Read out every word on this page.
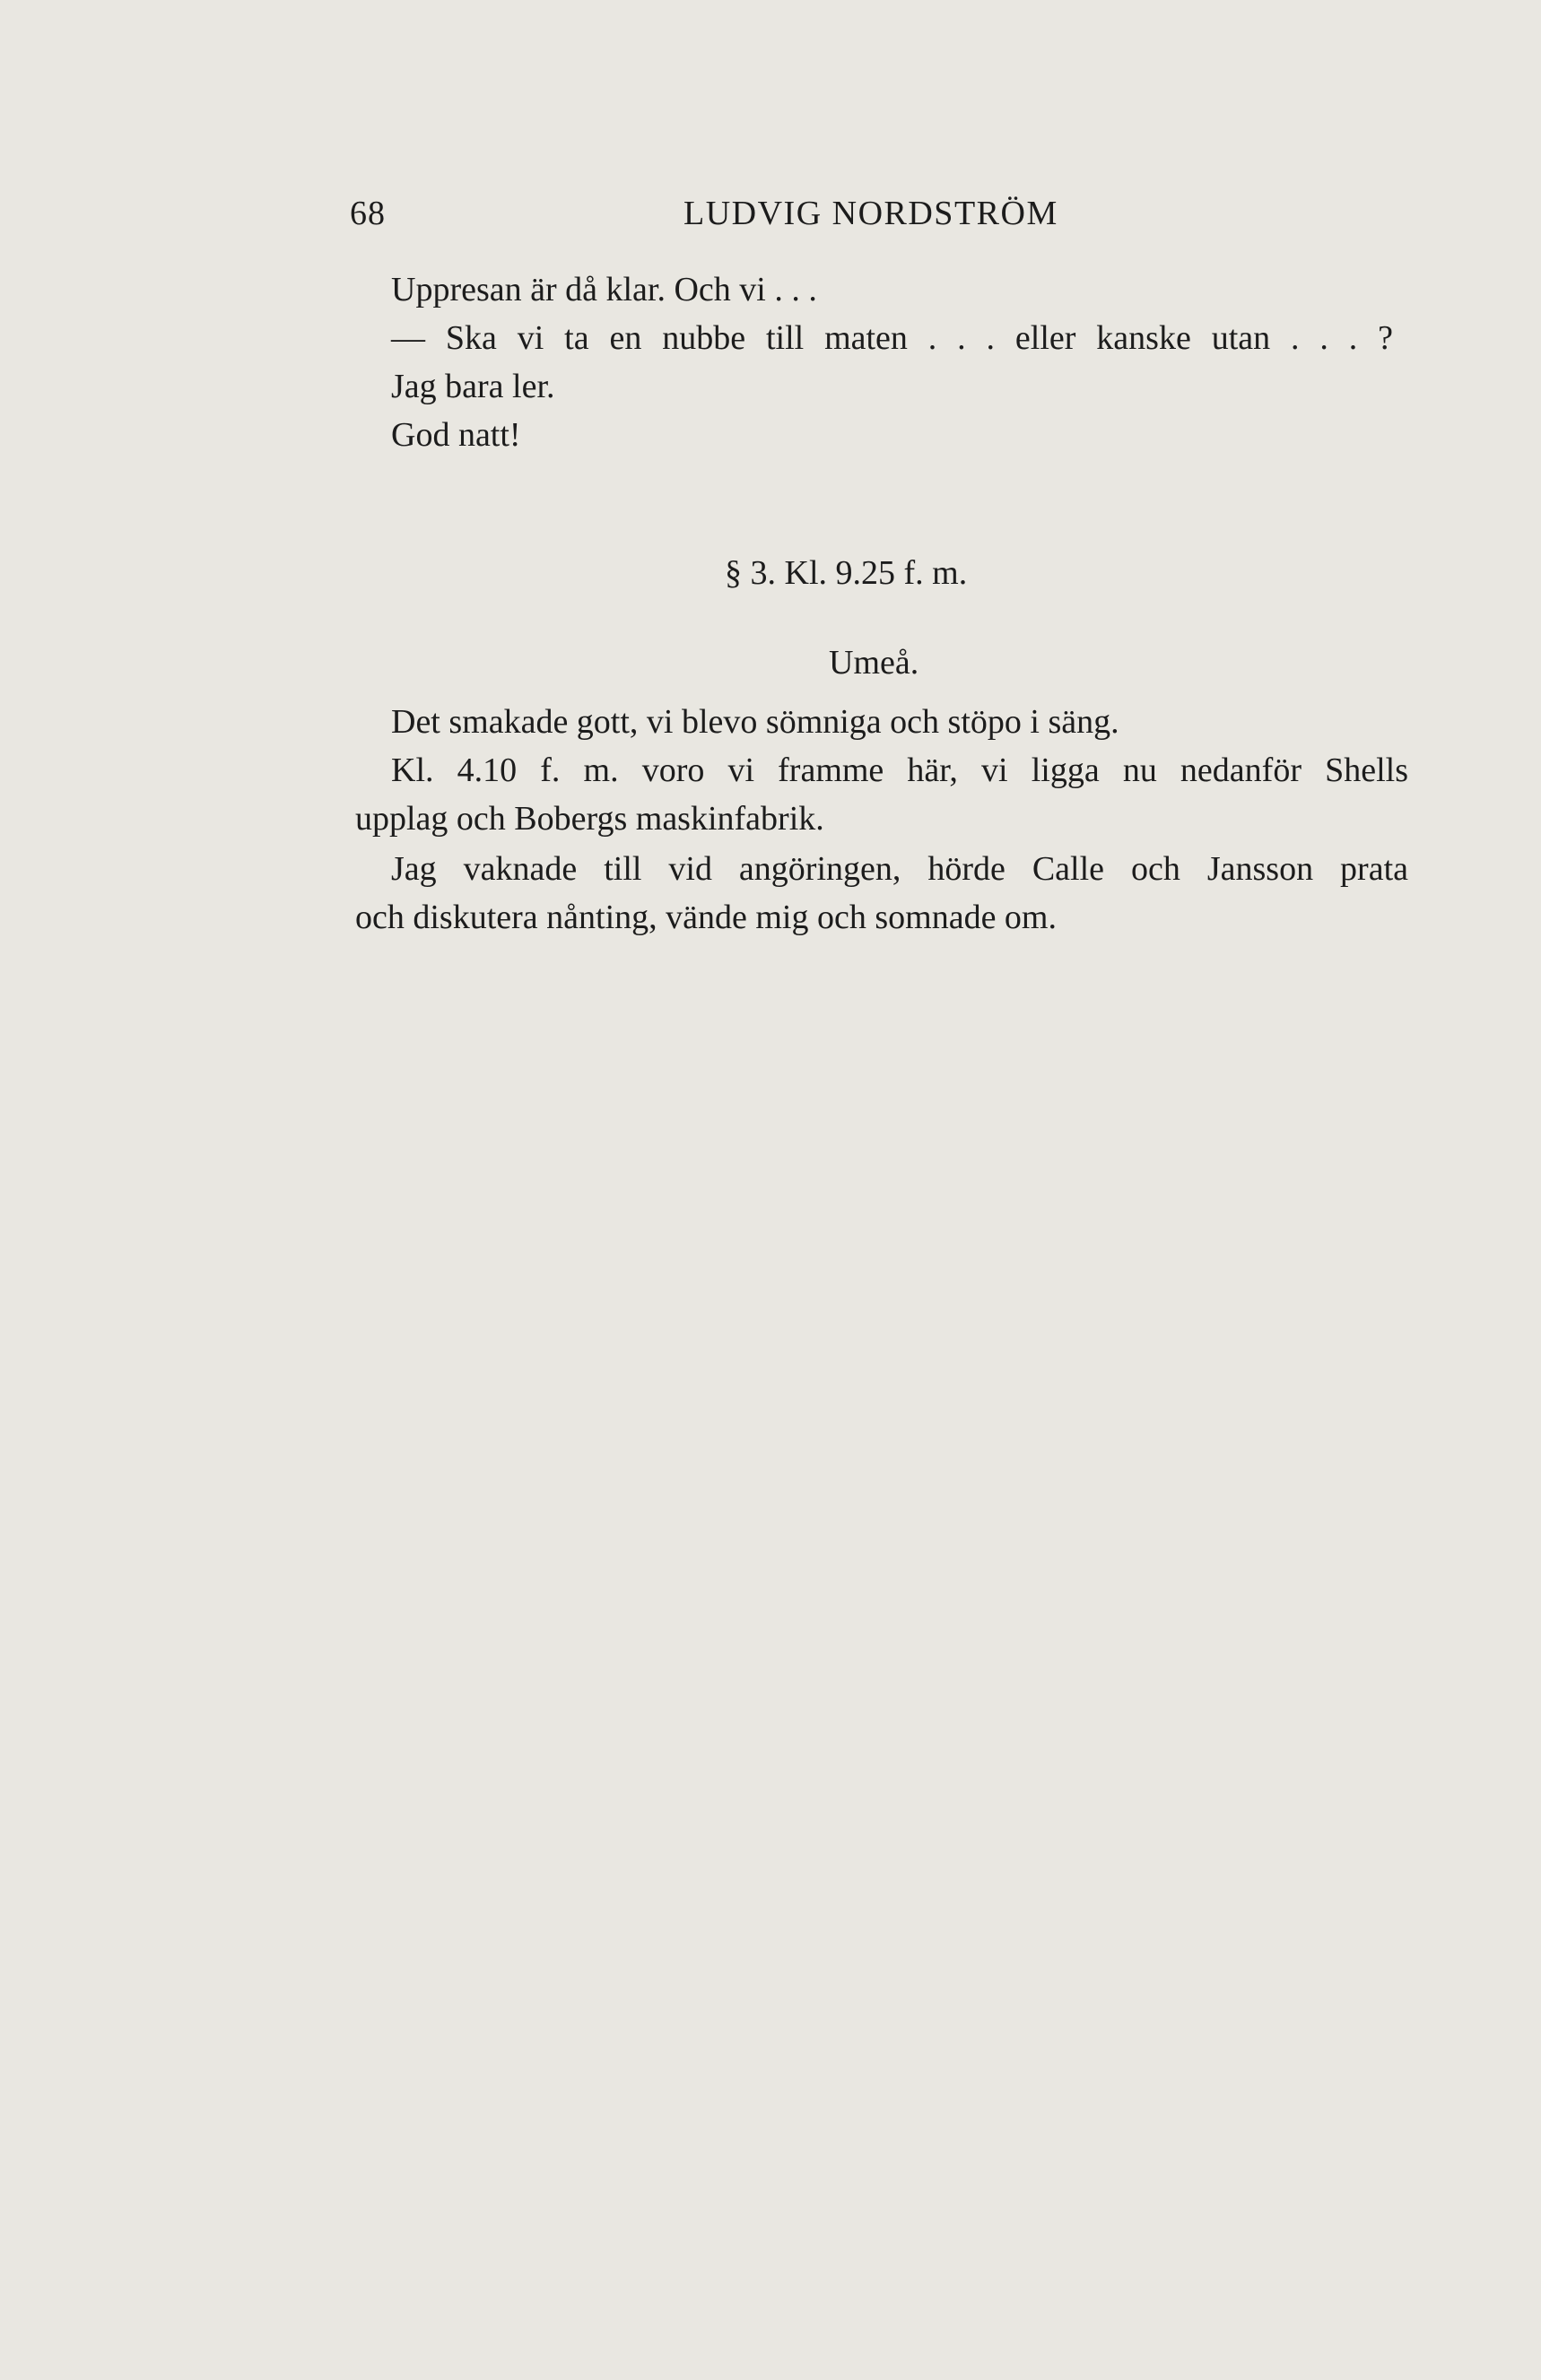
68	LUDVIG NORDSTRÖM
Uppresan är då klar. Och vi . . .
— Ska vi ta en nubbe till maten . . . eller kanske utan . . . ?
Jag bara ler.
God natt!
§ 3. Kl. 9.25 f. m.
Umeå.
Det smakade gott, vi blevo sömniga och stöpo i säng.
Kl. 4.10 f. m. voro vi framme här, vi ligga nu nedanför Shells
upplag och Bobergs maskinfabrik.
Jag vaknade till vid angöringen, hörde Calle och Jansson prata
och diskutera nånting, vände mig och somnade om.
